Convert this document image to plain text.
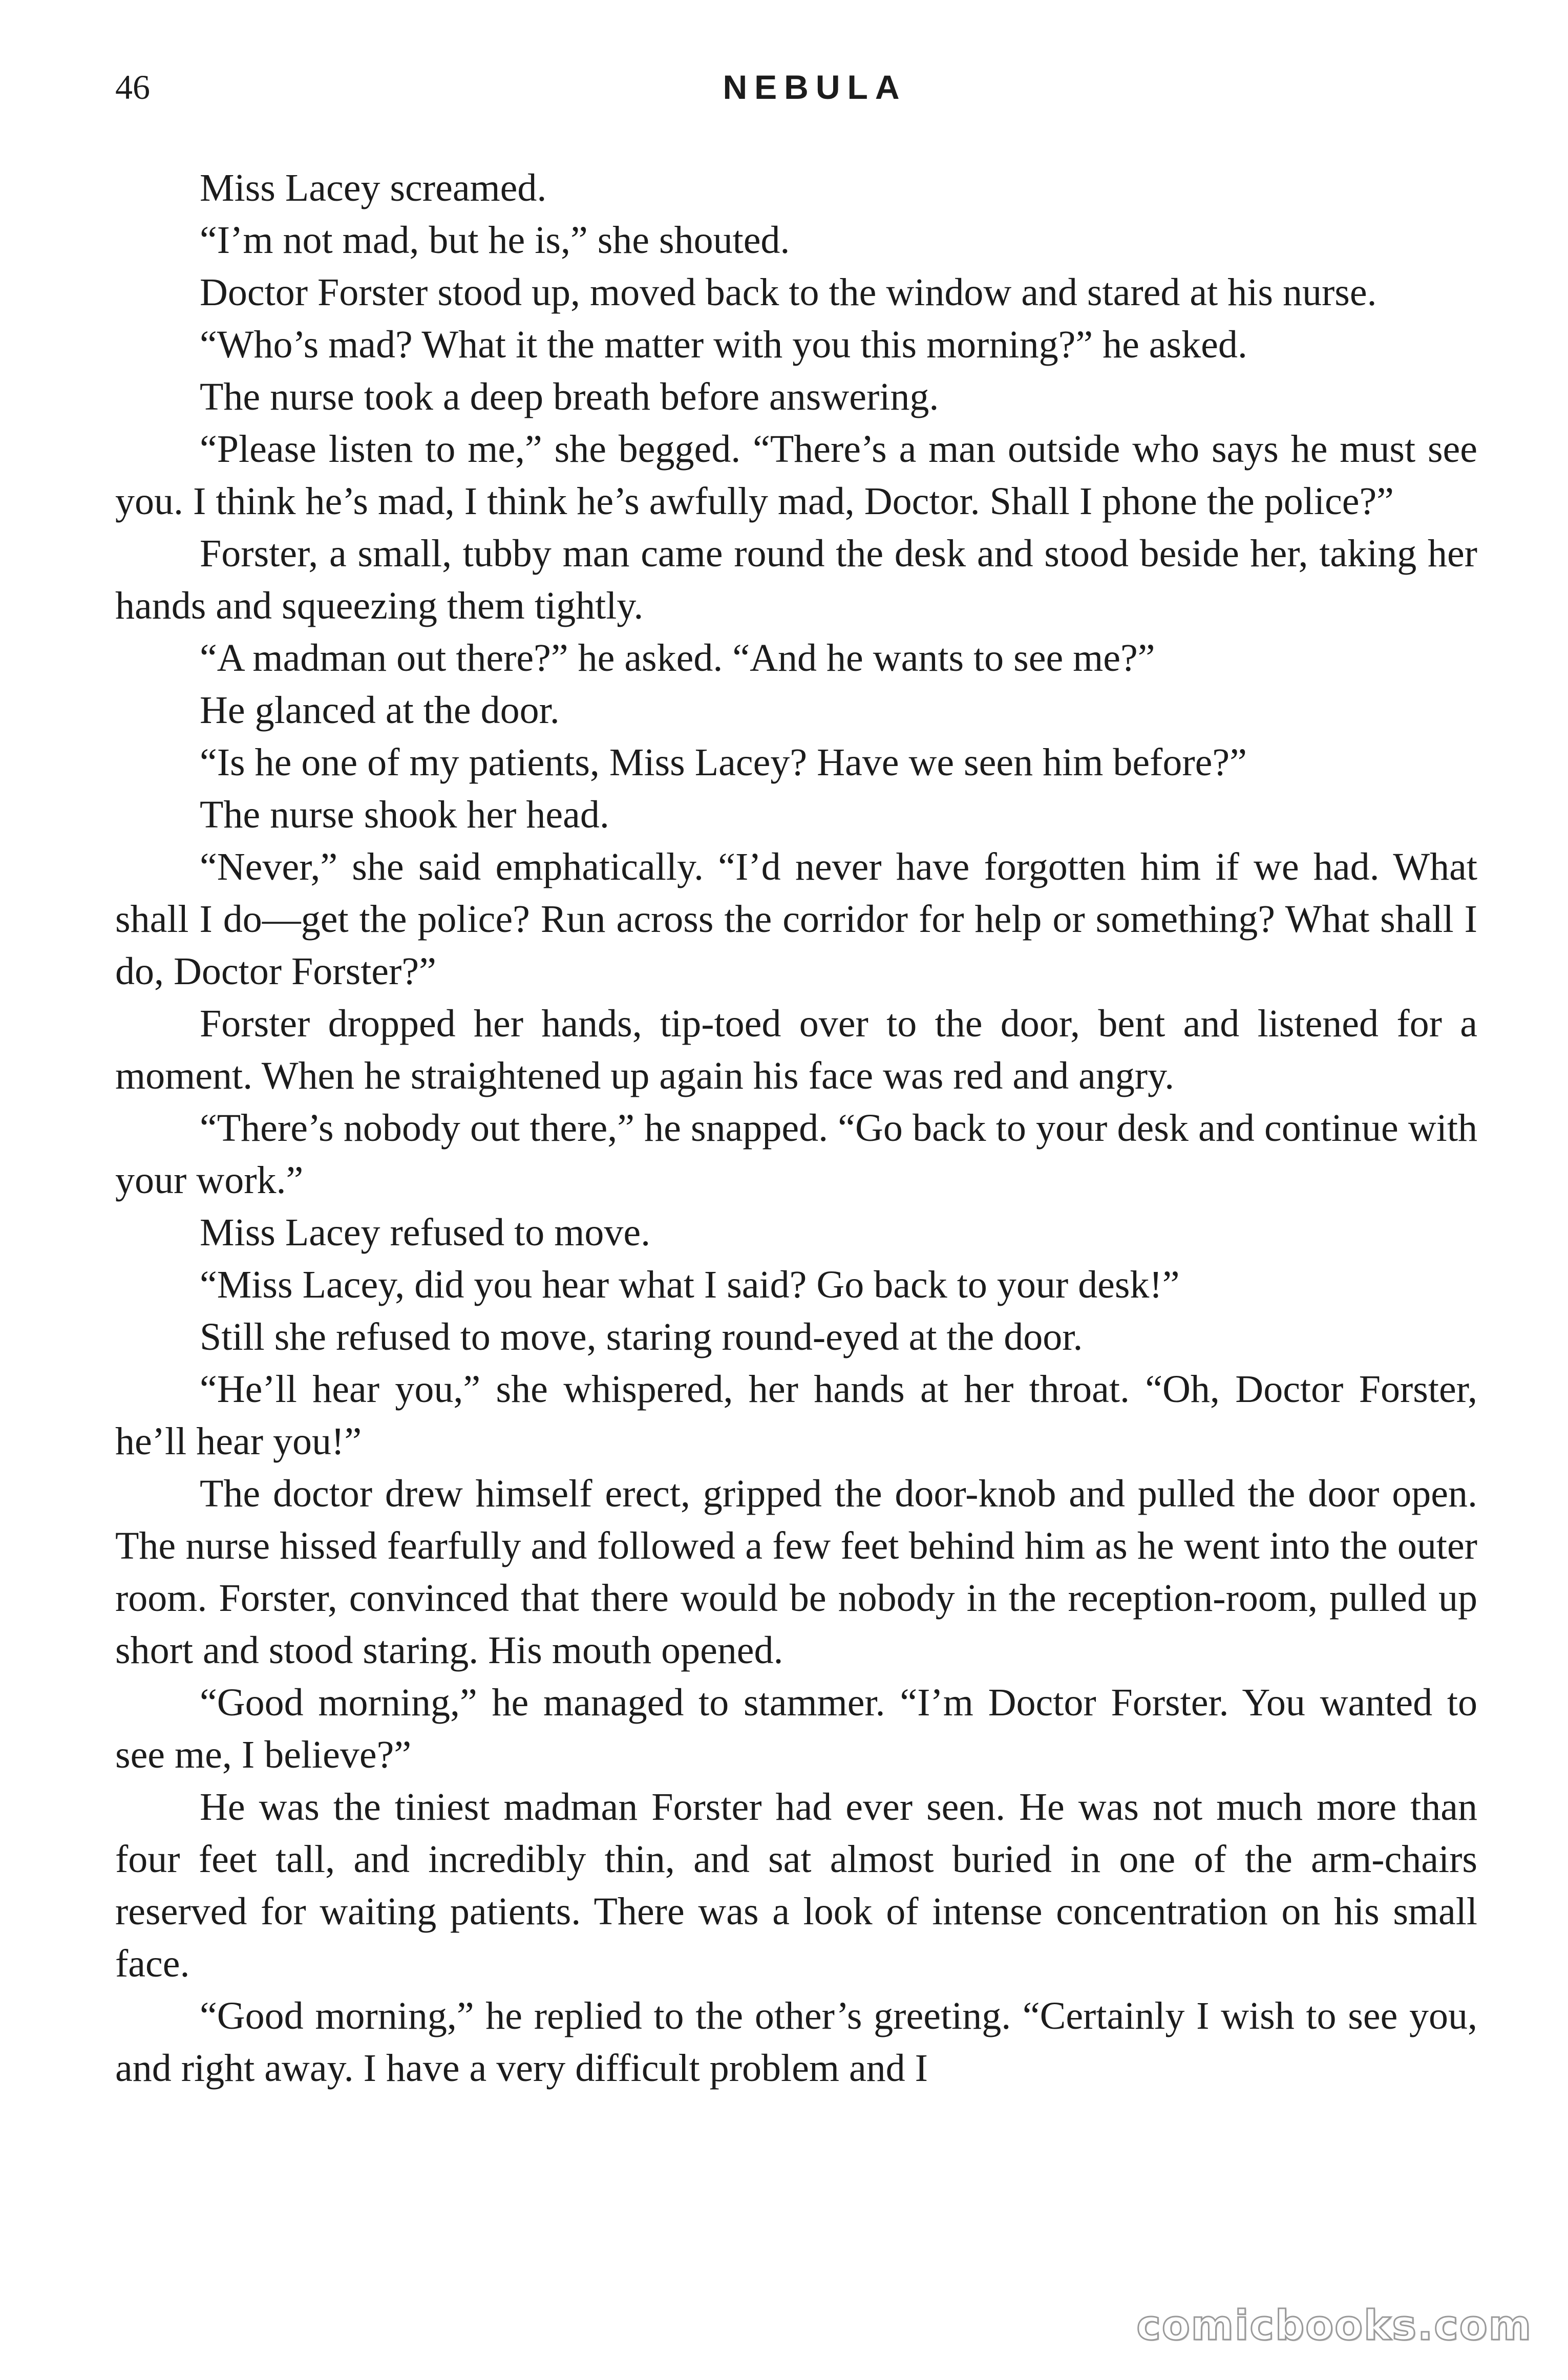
46	NEBULA

Miss Lacey screamed.

“I’m not mad, but he is,” she shouted.

Doctor Forster stood up, moved back to the window and stared at his nurse.

“Who’s mad? What it the matter with you this morning?” he asked.

The nurse took a deep breath before answering.

“Please listen to me,” she begged. “There’s a man outside who says he must see you. I think he’s mad, I think he’s awfully mad, Doctor. Shall I phone the police?”

Forster, a small, tubby man came round the desk and stood beside her, taking her hands and squeezing them tightly.

“A madman out there?” he asked. “And he wants to see me?”

He glanced at the door.

“Is he one of my patients, Miss Lacey? Have we seen him before?”

The nurse shook her head.

“Never,” she said emphatically. “I’d never have forgotten him if we had. What shall I do—get the police? Run across the corridor for help or something? What shall I do, Doctor Forster?”

Forster dropped her hands, tip-toed over to the door, bent and listened for a moment. When he straightened up again his face was red and angry.

“There’s nobody out there,” he snapped. “Go back to your desk and continue with your work.”

Miss Lacey refused to move.

“Miss Lacey, did you hear what I said? Go back to your desk!”

Still she refused to move, staring round-eyed at the door.

“He’ll hear you,” she whispered, her hands at her throat. “Oh, Doctor Forster, he’ll hear you!”

The doctor drew himself erect, gripped the door-knob and pulled the door open. The nurse hissed fearfully and followed a few feet behind him as he went into the outer room. Forster, convinced that there would be nobody in the reception-room, pulled up short and stood staring. His mouth opened.

“Good morning,” he managed to stammer. “I’m Doctor Forster. You wanted to see me, I believe?”

He was the tiniest madman Forster had ever seen. He was not much more than four feet tall, and incredibly thin, and sat almost buried in one of the arm-chairs reserved for waiting patients. There was a look of intense concentration on his small face.

“Good morning,” he replied to the other’s greeting. “Certainly I wish to see you, and right away. I have a very difficult problem and I

comicbooks.com
